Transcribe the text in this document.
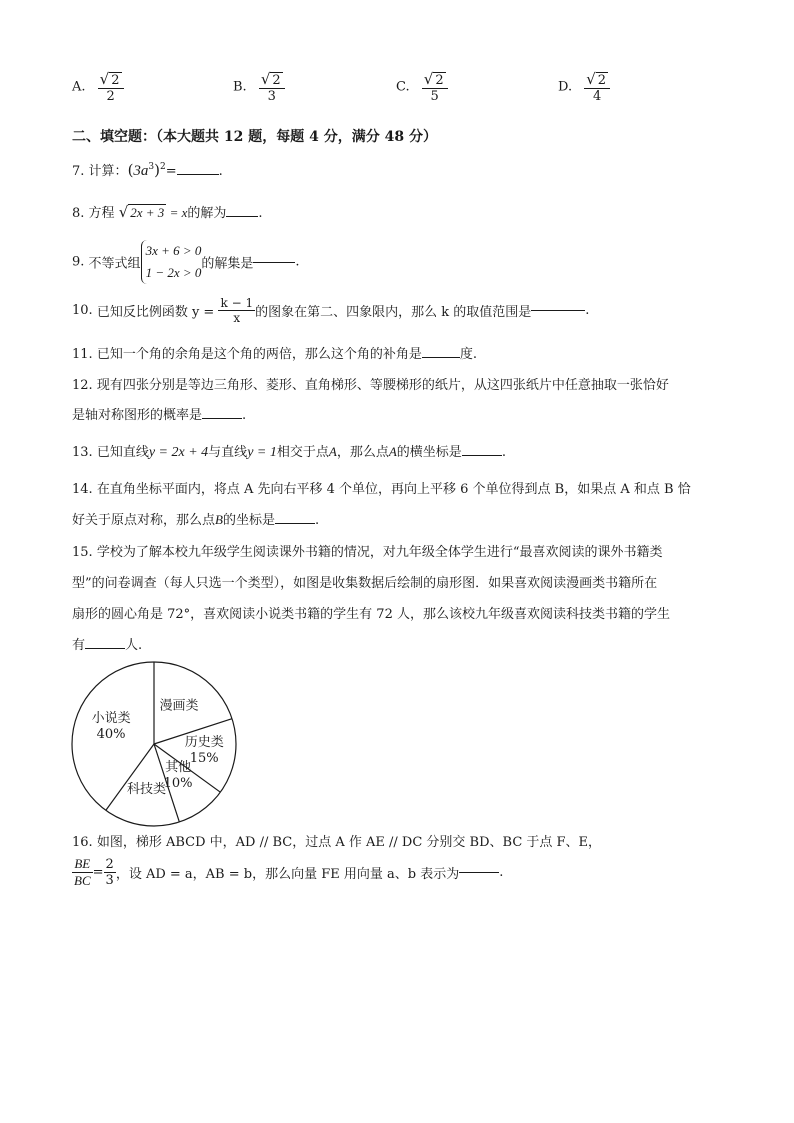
A. $\frac{√ 2}{2}$	B. $\frac{√ 2}{3}$	C. $\frac{√ 2}{5}$	D. $\frac{√ 2}{4}$
二、填空题：（本大题共 12 题，每题 4 分，满分 48 分）
7. 计算：$(3a^3)^2=$	.
8. 方程 √ 2x + 3 = x的解为 .
9. 不等式组
3x + 6 > 0
1 − 2x > 0
的解集是	.
10. 已知反比例函数 $y = \frac{k - 1}{x}$ 的图象在第二、四象限内，那么 k 的取值范围是	.
11. 已知一个角的余角是这个角的两倍，那么这个角的补角是	度.
12. 现有四张分别是等边三角形、菱形、直角梯形、等腰梯形的纸片，从这四张纸片中任意抽取一张恰好
是轴对称图形的概率是	.
13. 已知直线y = 2x + 4与直线y = 1相交于点A，那么点A的横坐标是	.
14. 在直角坐标平面内，将点 A 先向右平移 4 个单位，再向上平移 6 个单位得到点 B，如果点 A 和点 B 恰
好关于原点对称，那么点B的坐标是	.
15. 学校为了解本校九年级学生阅读课外书籍的情况，对九年级全体学生进行“最喜欢阅读的课外书籍类
型”的问卷调查（每人只选一个类型），如图是收集数据后绘制的扇形图．如果喜欢阅读漫画类书籍所在
扇形的圆心角是 72°，喜欢阅读小说类书籍的学生有 72 人，那么该校九年级喜欢阅读科技类书籍的学生
有	人.
漫画类
历史类
15%
其他
10%
科技类
小说类
40%
16. 如图，梯形 ABCD 中，AD // BC，过点 A 作 AE // DC 分别交 BD、BC 于点 F、E，
$\frac{BE}{BC} = \frac{2}{3}$ ，设 AD = a，AB = b，那么向量 FE 用向量 a、b 表示为	.
